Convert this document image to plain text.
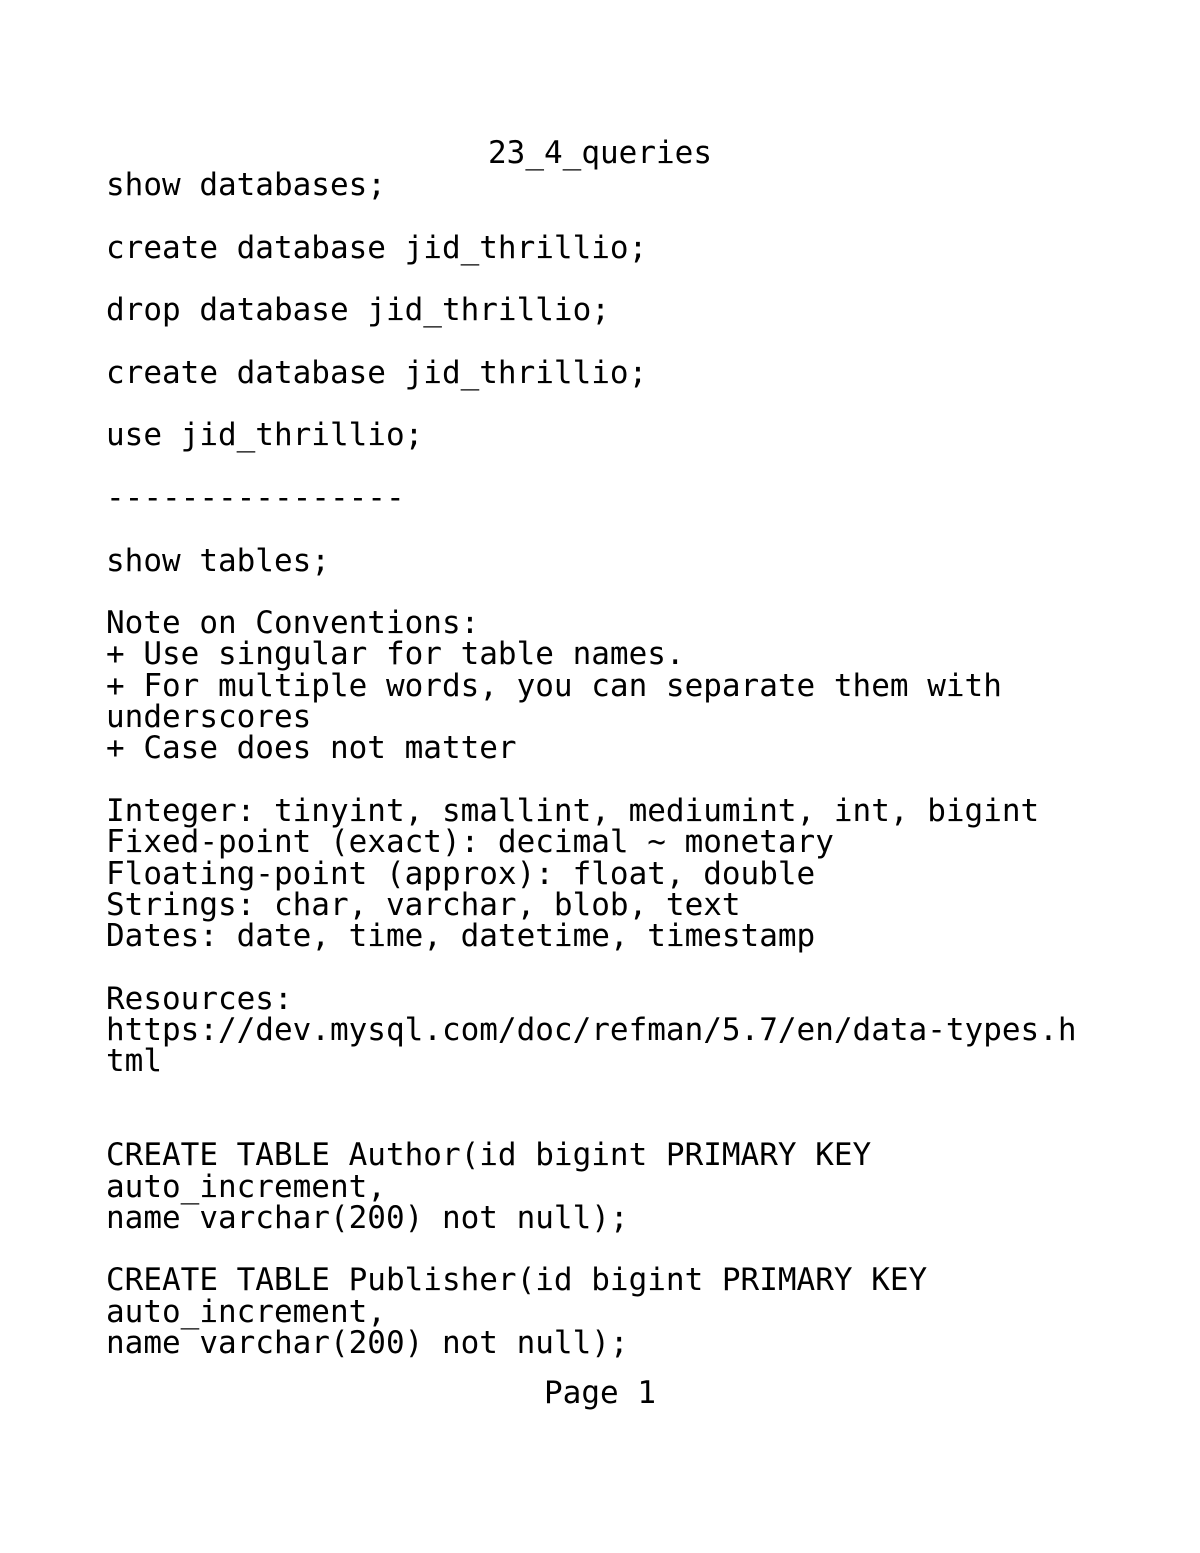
23_4_queries
show databases;
create database jid_thrillio;
drop database jid_thrillio;
create database jid_thrillio;
use jid_thrillio;
----------------
show tables;
Note on Conventions:
+ Use singular for table names.
+ For multiple words, you can separate them with
underscores
+ Case does not matter
Integer: tinyint, smallint, mediumint, int, bigint
Fixed-point (exact): decimal ~ monetary
Floating-point (approx): float, double
Strings: char, varchar, blob, text
Dates: date, time, datetime, timestamp
Resources:
https://dev.mysql.com/doc/refman/5.7/en/data-types.h
tml
CREATE TABLE Author(id bigint PRIMARY KEY
auto_increment,
name varchar(200) not null);
CREATE TABLE Publisher(id bigint PRIMARY KEY
auto_increment,
name varchar(200) not null);
Page 1
